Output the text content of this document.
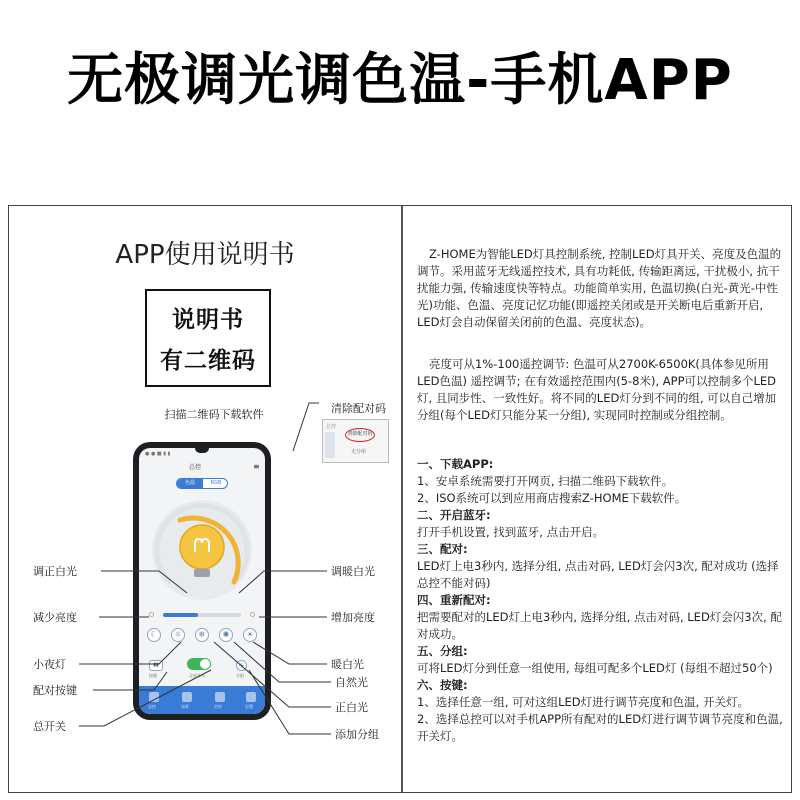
无极调光调色温-手机APP
APP使用说明书
说明书
有二维码
扫描二维码下载软件	清除配对码
总控
清除配对码
无分组
● ● ■ ▮ ▮
总控	≡
色温	RGB
☾	☼	❄	✺	☀
▮▮	+
按键	全部开关	分组
总控	场景	定时	设置
调正白光	调暖白光
减少亮度	增加亮度
小夜灯	暖白光
配对按键
自然光
正白光
总开关
添加分组
Z-HOME为智能LED灯具控制系统, 控制LED灯具开关、亮度及色温的调节。采用蓝牙无线遥控技术, 具有功耗低, 传输距离远, 干扰极小, 抗干扰能力强, 传输速度快等特点。功能简单实用, 色温切换(白光-黄光-中性光)功能、色温、亮度记忆功能(即遥控关闭或是开关断电后重新开启, LED灯会自动保留关闭前的色温、亮度状态)。
亮度可从1%-100遥控调节: 色温可从2700K-6500K(具体参见所用LED色温) 遥控调节; 在有效遥控范围内(5-8米), APP可以控制多个LED灯, 且同步性、一致性好。将不同的LED灯分到不同的组, 可以自己增加分组(每个LED灯只能分某一分组), 实现同时控制或分组控制。
一、下载APP:
1、安卓系统需要打开网页, 扫描二维码下载软件。
2、ISO系统可以到应用商店搜索Z-HOME下载软件。
二、开启蓝牙:
打开手机设置, 找到蓝牙, 点击开启。
三、配对:
LED灯上电3秒内, 选择分组, 点击对码, LED灯会闪3次, 配对成功 (选择总控不能对码)
四、重新配对:
把需要配对的LED灯上电3秒内, 选择分组, 点击对码, LED灯会闪3次, 配对成功。
五、分组:
可将LED灯分到任意一组使用, 每组可配多个LED灯 (每组不超过50个)
六、按键:
1、选择任意一组, 可对这组LED灯进行调节亮度和色温, 开关灯。
2、选择总控可以对手机APP所有配对的LED灯进行调节调节亮度和色温, 开关灯。
